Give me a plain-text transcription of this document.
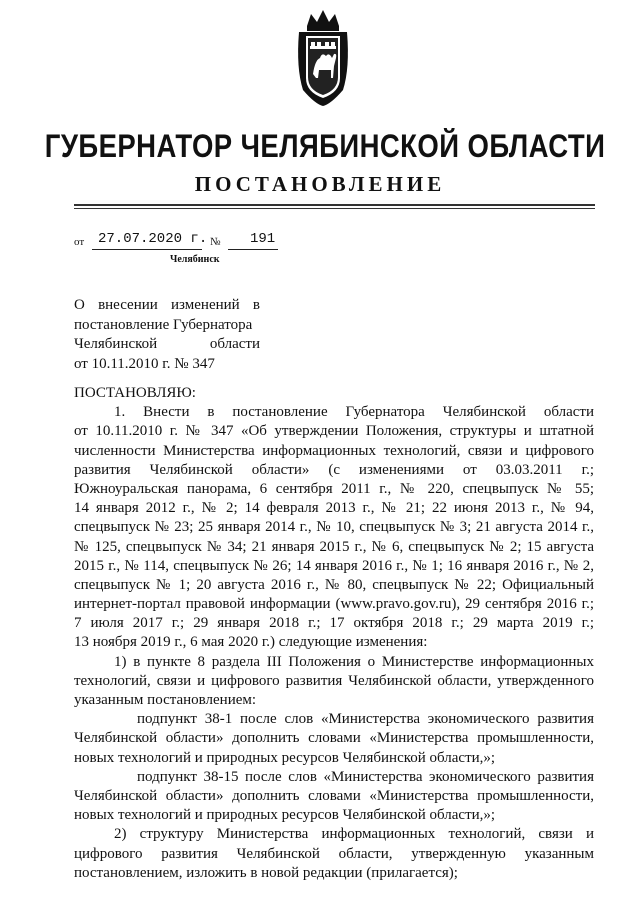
ГУБЕРНАТОР ЧЕЛЯБИНСКОЙ ОБЛАСТИ
ПОСТАНОВЛЕНИЕ
от 27.07.2020 г. № 191
Челябинск
О внесении изменений в
постановление Губернатора
Челябинской области
от 10.11.2010 г. № 347
ПОСТАНОВЛЯЮ:
1. Внести в постановление Губернатора Челябинской области
от 10.11.2010 г. № 347 «Об утверждении Положения, структуры и штатной
численности Министерства информационных технологий, связи и цифрового
развития Челябинской области» (с изменениями от 03.03.2011 г.;
Южноуральская панорама, 6 сентября 2011 г., № 220, спецвыпуск № 55;
14 января 2012 г., № 2; 14 февраля 2013 г., № 21; 22 июня 2013 г., № 94,
спецвыпуск № 23; 25 января 2014 г., № 10, спецвыпуск № 3; 21 августа 2014 г.,
№ 125, спецвыпуск № 34; 21 января 2015 г., № 6, спецвыпуск № 2; 15 августа
2015 г., № 114, спецвыпуск № 26; 14 января 2016 г., № 1; 16 января 2016 г., № 2,
спецвыпуск № 1; 20 августа 2016 г., № 80, спецвыпуск № 22; Официальный
интернет-портал правовой информации (www.pravo.gov.ru), 29 сентября 2016 г.;
7 июля 2017 г.; 29 января 2018 г.; 17 октября 2018 г.; 29 марта 2019 г.;
13 ноября 2019 г., 6 мая 2020 г.) следующие изменения:
1) в пункте 8 раздела III Положения о Министерстве информационных
технологий, связи и цифрового развития Челябинской области, утвержденного
указанным постановлением:
подпункт 38-1 после слов «Министерства экономического развития
Челябинской области» дополнить словами «Министерства промышленности,
новых технологий и природных ресурсов Челябинской области,»;
подпункт 38-15 после слов «Министерства экономического развития
Челябинской области» дополнить словами «Министерства промышленности,
новых технологий и природных ресурсов Челябинской области,»;
2) структуру Министерства информационных технологий, связи и
цифрового развития Челябинской области, утвержденную указанным
постановлением, изложить в новой редакции (прилагается);
